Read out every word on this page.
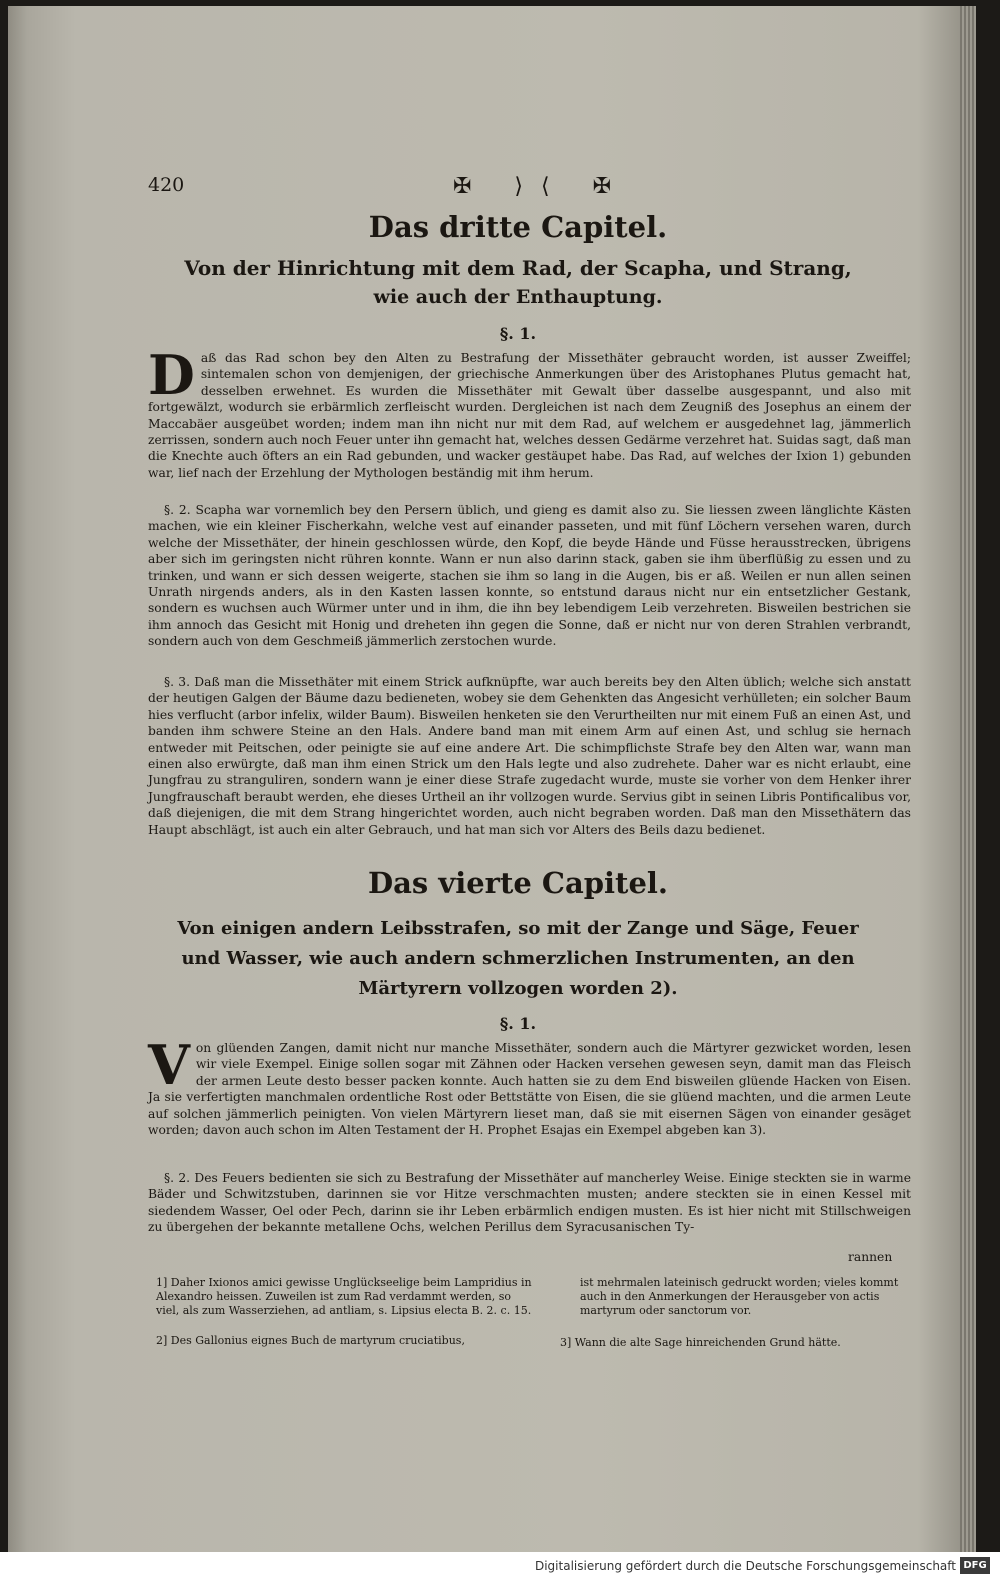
420	✠ ⟩⟨ ✠
Das dritte Capitel.
Von der Hinrichtung mit dem Rad, der Scapha, und Strang,
wie auch der Enthauptung.
§. 1.

Daß das Rad schon bey den Alten zu Bestrafung der Missethäter gebraucht worden, ist ausser Zweiffel; sintemalen schon von demjenigen, der griechische Anmerkungen über des Aristophanes Plutus gemacht hat, desselben erwehnet. Es wurden die Missethäter mit Gewalt über dasselbe ausgespannt, und also mit fortgewälzt, wodurch sie erbärmlich zerfleischt wurden. Dergleichen ist nach dem Zeugniß des Josephus an einem der Maccabäer ausgeübet worden; indem man ihn nicht nur mit dem Rad, auf welchem er ausgedehnet lag, jämmerlich zerrissen, sondern auch noch Feuer unter ihn gemacht hat, welches dessen Gedärme verzehret hat. Suidas sagt, daß man die Knechte auch öfters an ein Rad gebunden, und wacker gestäupet habe. Das Rad, auf welches der Ixion 1) gebunden war, lief nach der Erzehlung der Mythologen beständig mit ihm herum.

§. 2. Scapha war vornemlich bey den Persern üblich, und gieng es damit also zu. Sie liessen zween länglichte Kästen machen, wie ein kleiner Fischerkahn, welche vest auf einander passeten, und mit fünf Löchern versehen waren, durch welche der Missethäter, der hinein geschlossen würde, den Kopf, die beyde Hände und Füsse herausstrecken, übrigens aber sich im geringsten nicht rühren konnte. Wann er nun also darinn stack, gaben sie ihm überflüßig zu essen und zu trinken, und wann er sich dessen weigerte, stachen sie ihm so lang in die Augen, bis er aß. Weilen er nun allen seinen Unrath nirgends anders, als in den Kasten lassen konnte, so entstund daraus nicht nur ein entsetzlicher Gestank, sondern es wuchsen auch Würmer unter und in ihm, die ihn bey lebendigem Leib verzehreten. Bisweilen bestrichen sie ihm annoch das Gesicht mit Honig und dreheten ihn gegen die Sonne, daß er nicht nur von deren Strahlen verbrandt, sondern auch von dem Geschmeiß jämmerlich zerstochen wurde.

§. 3. Daß man die Missethäter mit einem Strick aufknüpfte, war auch bereits bey den Alten üblich; welche sich anstatt der heutigen Galgen der Bäume dazu bedieneten, wobey sie dem Gehenkten das Angesicht verhülleten; ein solcher Baum hies verflucht (arbor infelix, wilder Baum). Bisweilen henketen sie den Verurtheilten nur mit einem Fuß an einen Ast, und banden ihm schwere Steine an den Hals. Andere band man mit einem Arm auf einen Ast, und schlug sie hernach entweder mit Peitschen, oder peinigte sie auf eine andere Art. Die schimpflichste Strafe bey den Alten war, wann man einen also erwürgte, daß man ihm einen Strick um den Hals legte und also zudrehete. Daher war es nicht erlaubt, eine Jungfrau zu stranguliren, sondern wann je einer diese Strafe zugedacht wurde, muste sie vorher von dem Henker ihrer Jungfrauschaft beraubt werden, ehe dieses Urtheil an ihr vollzogen wurde. Servius gibt in seinen Libris Pontificalibus vor, daß diejenigen, die mit dem Strang hingerichtet worden, auch nicht begraben worden. Daß man den Missethätern das Haupt abschlägt, ist auch ein alter Gebrauch, und hat man sich vor Alters des Beils dazu bedienet.

Das vierte Capitel.
Von einigen andern Leibsstrafen, so mit der Zange und Säge, Feuer
und Wasser, wie auch andern schmerzlichen Instrumenten, an den
Märtyrern vollzogen worden 2).
§. 1.

Von glüenden Zangen, damit nicht nur manche Missethäter, sondern auch die Märtyrer gezwicket worden, lesen wir viele Exempel. Einige sollen sogar mit Zähnen oder Hacken versehen gewesen seyn, damit man das Fleisch der armen Leute desto besser packen konnte. Auch hatten sie zu dem End bisweilen glüende Hacken von Eisen. Ja sie verfertigten manchmalen ordentliche Rost oder Bettstätte von Eisen, die sie glüend machten, und die armen Leute auf solchen jämmerlich peinigten. Von vielen Märtyrern lieset man, daß sie mit eisernen Sägen von einander gesäget worden; davon auch schon im Alten Testament der H. Prophet Esajas ein Exempel abgeben kan 3).

§. 2. Des Feuers bedienten sie sich zu Bestrafung der Missethäter auf mancherley Weise. Einige steckten sie in warme Bäder und Schwitzstuben, darinnen sie vor Hitze verschmachten musten; andere steckten sie in einen Kessel mit siedendem Wasser, Oel oder Pech, darinn sie ihr Leben erbärmlich endigen musten. Es ist hier nicht mit Stillschweigen zu übergehen der bekannte metallene Ochs, welchen Perillus dem Syracusanischen Ty-

rannen

1] Daher Ixionos amici gewisse Unglückseelige beim Lampridius in Alexandro heissen. Zuweilen ist zum Rad verdammt werden, so viel, als zum Wasserziehen, ad antliam, s. Lipsius electa B. 2. c. 15.

2] Des Gallonius eignes Buch de martyrum cruciatibus,

ist mehrmalen lateinisch gedruckt worden; vieles kommt auch in den Anmerkungen der Herausgeber von actis martyrum oder sanctorum vor.

3] Wann die alte Sage hinreichenden Grund hätte.

Digitalisierung gefördert durch die Deutsche Forschungsgemeinschaft DFG
